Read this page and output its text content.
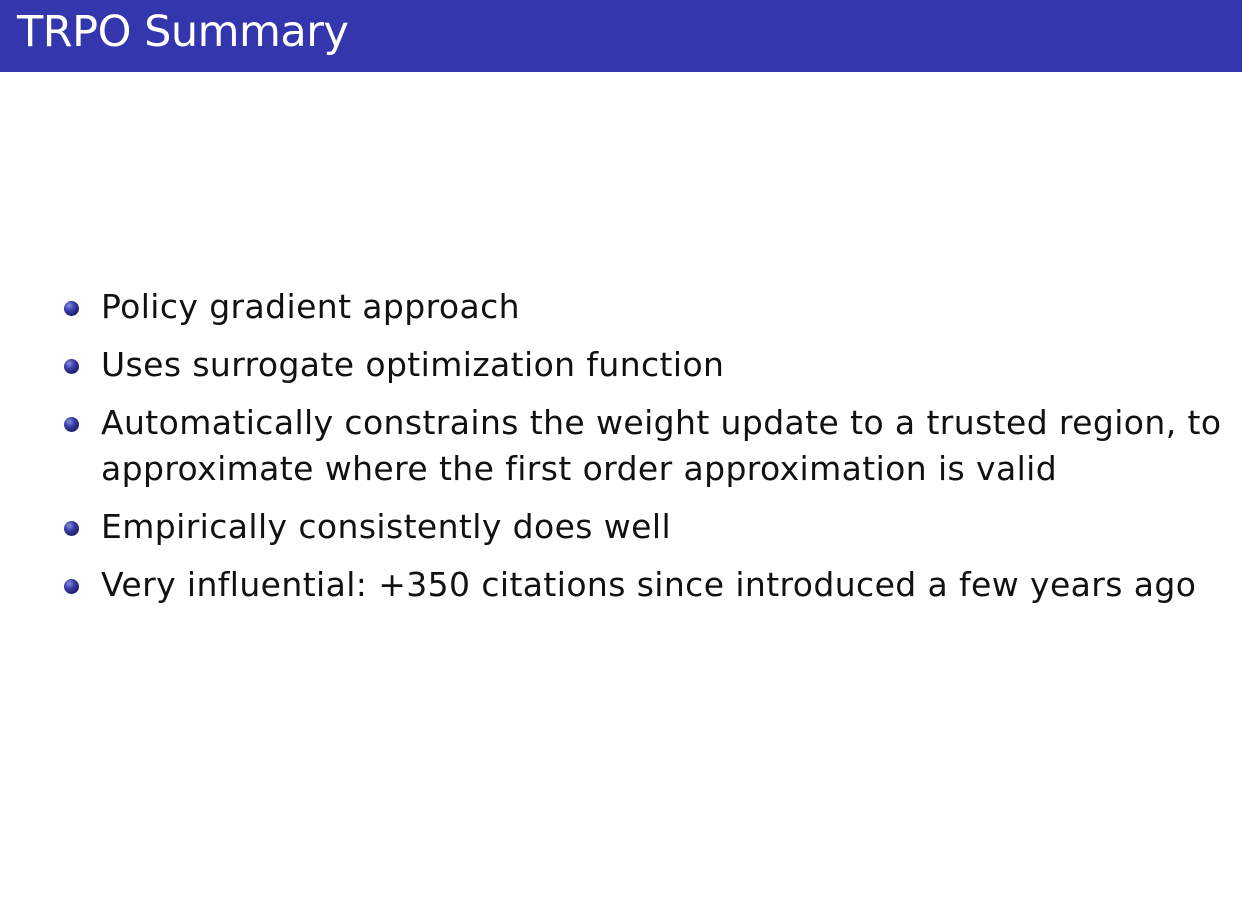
TRPO Summary
Policy gradient approach
Uses surrogate optimization function
Automatically constrains the weight update to a trusted region, to approximate where the first order approximation is valid
Empirically consistently does well
Very influential: +350 citations since introduced a few years ago
